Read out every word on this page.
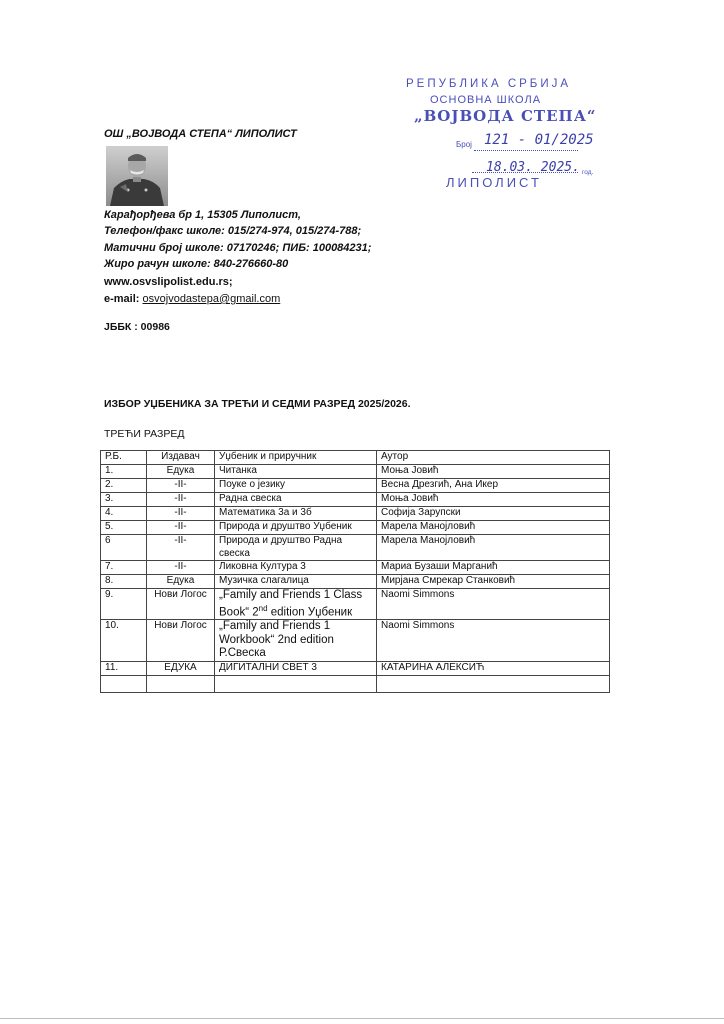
ОШ „ВОЈВОДА СТЕПА“ ЛИПОЛИСТ
Карађорђева бр 1, 15305 Липолист,
Телефон/факс школе: 015/274-974, 015/274-788;
Матични број школе: 07170246; ПИБ: 100084231;
Жиро рачун школе: 840-276660-80
www.osvslipolist.edu.rs;
e-mail: osvojvodastepa@gmail.com
ЈББК : 00986
РЕПУБЛИКА СРБИЈА
ОСНОВНА ШКОЛА
„ВОЈВОДА СТЕПА“
Број 121 - 01/2025
18.03. 2025. год.
ЛИПОЛИСТ
ИЗБОР УЏБЕНИКА ЗА ТРЕЋИ И СЕДМИ РАЗРЕД 2025/2026.
ТРЕЋИ РАЗРЕД
Р.Б.	Издавач	Уџбеник и приручник	Аутор
1.	Едука	Читанка	Моња Јовић
2.	-II-	Поуке о језику	Весна Дрезгић, Ана Икер
3.	-II-	Радна свеска	Моња Јовић
4.	-II-	Математика 3а и 3б	Софија Зарупски
5.	-II-	Природа и друштво Уџбеник	Марела Манојловић
6	-II-	Природа и друштво Радна свеска	Марела Манојловић
7.	-II-	Ликовна Култура 3	Мариа Бузаши Марганић
8.	Едука	Музичка слагалица	Мирјана Смрекар Станковић
9.	Нови Логос	„Family and Friends 1 Class Book“ 2nd edition Уџбеник	Naomi Simmons
10.	Нови Логос	„Family and Friends 1 Workbook“ 2nd edition Р.Свеска	Naomi Simmons
11.	ЕДУКА	ДИГИТАЛНИ СВЕТ 3	КАТАРИНА АЛЕКСИЋ
